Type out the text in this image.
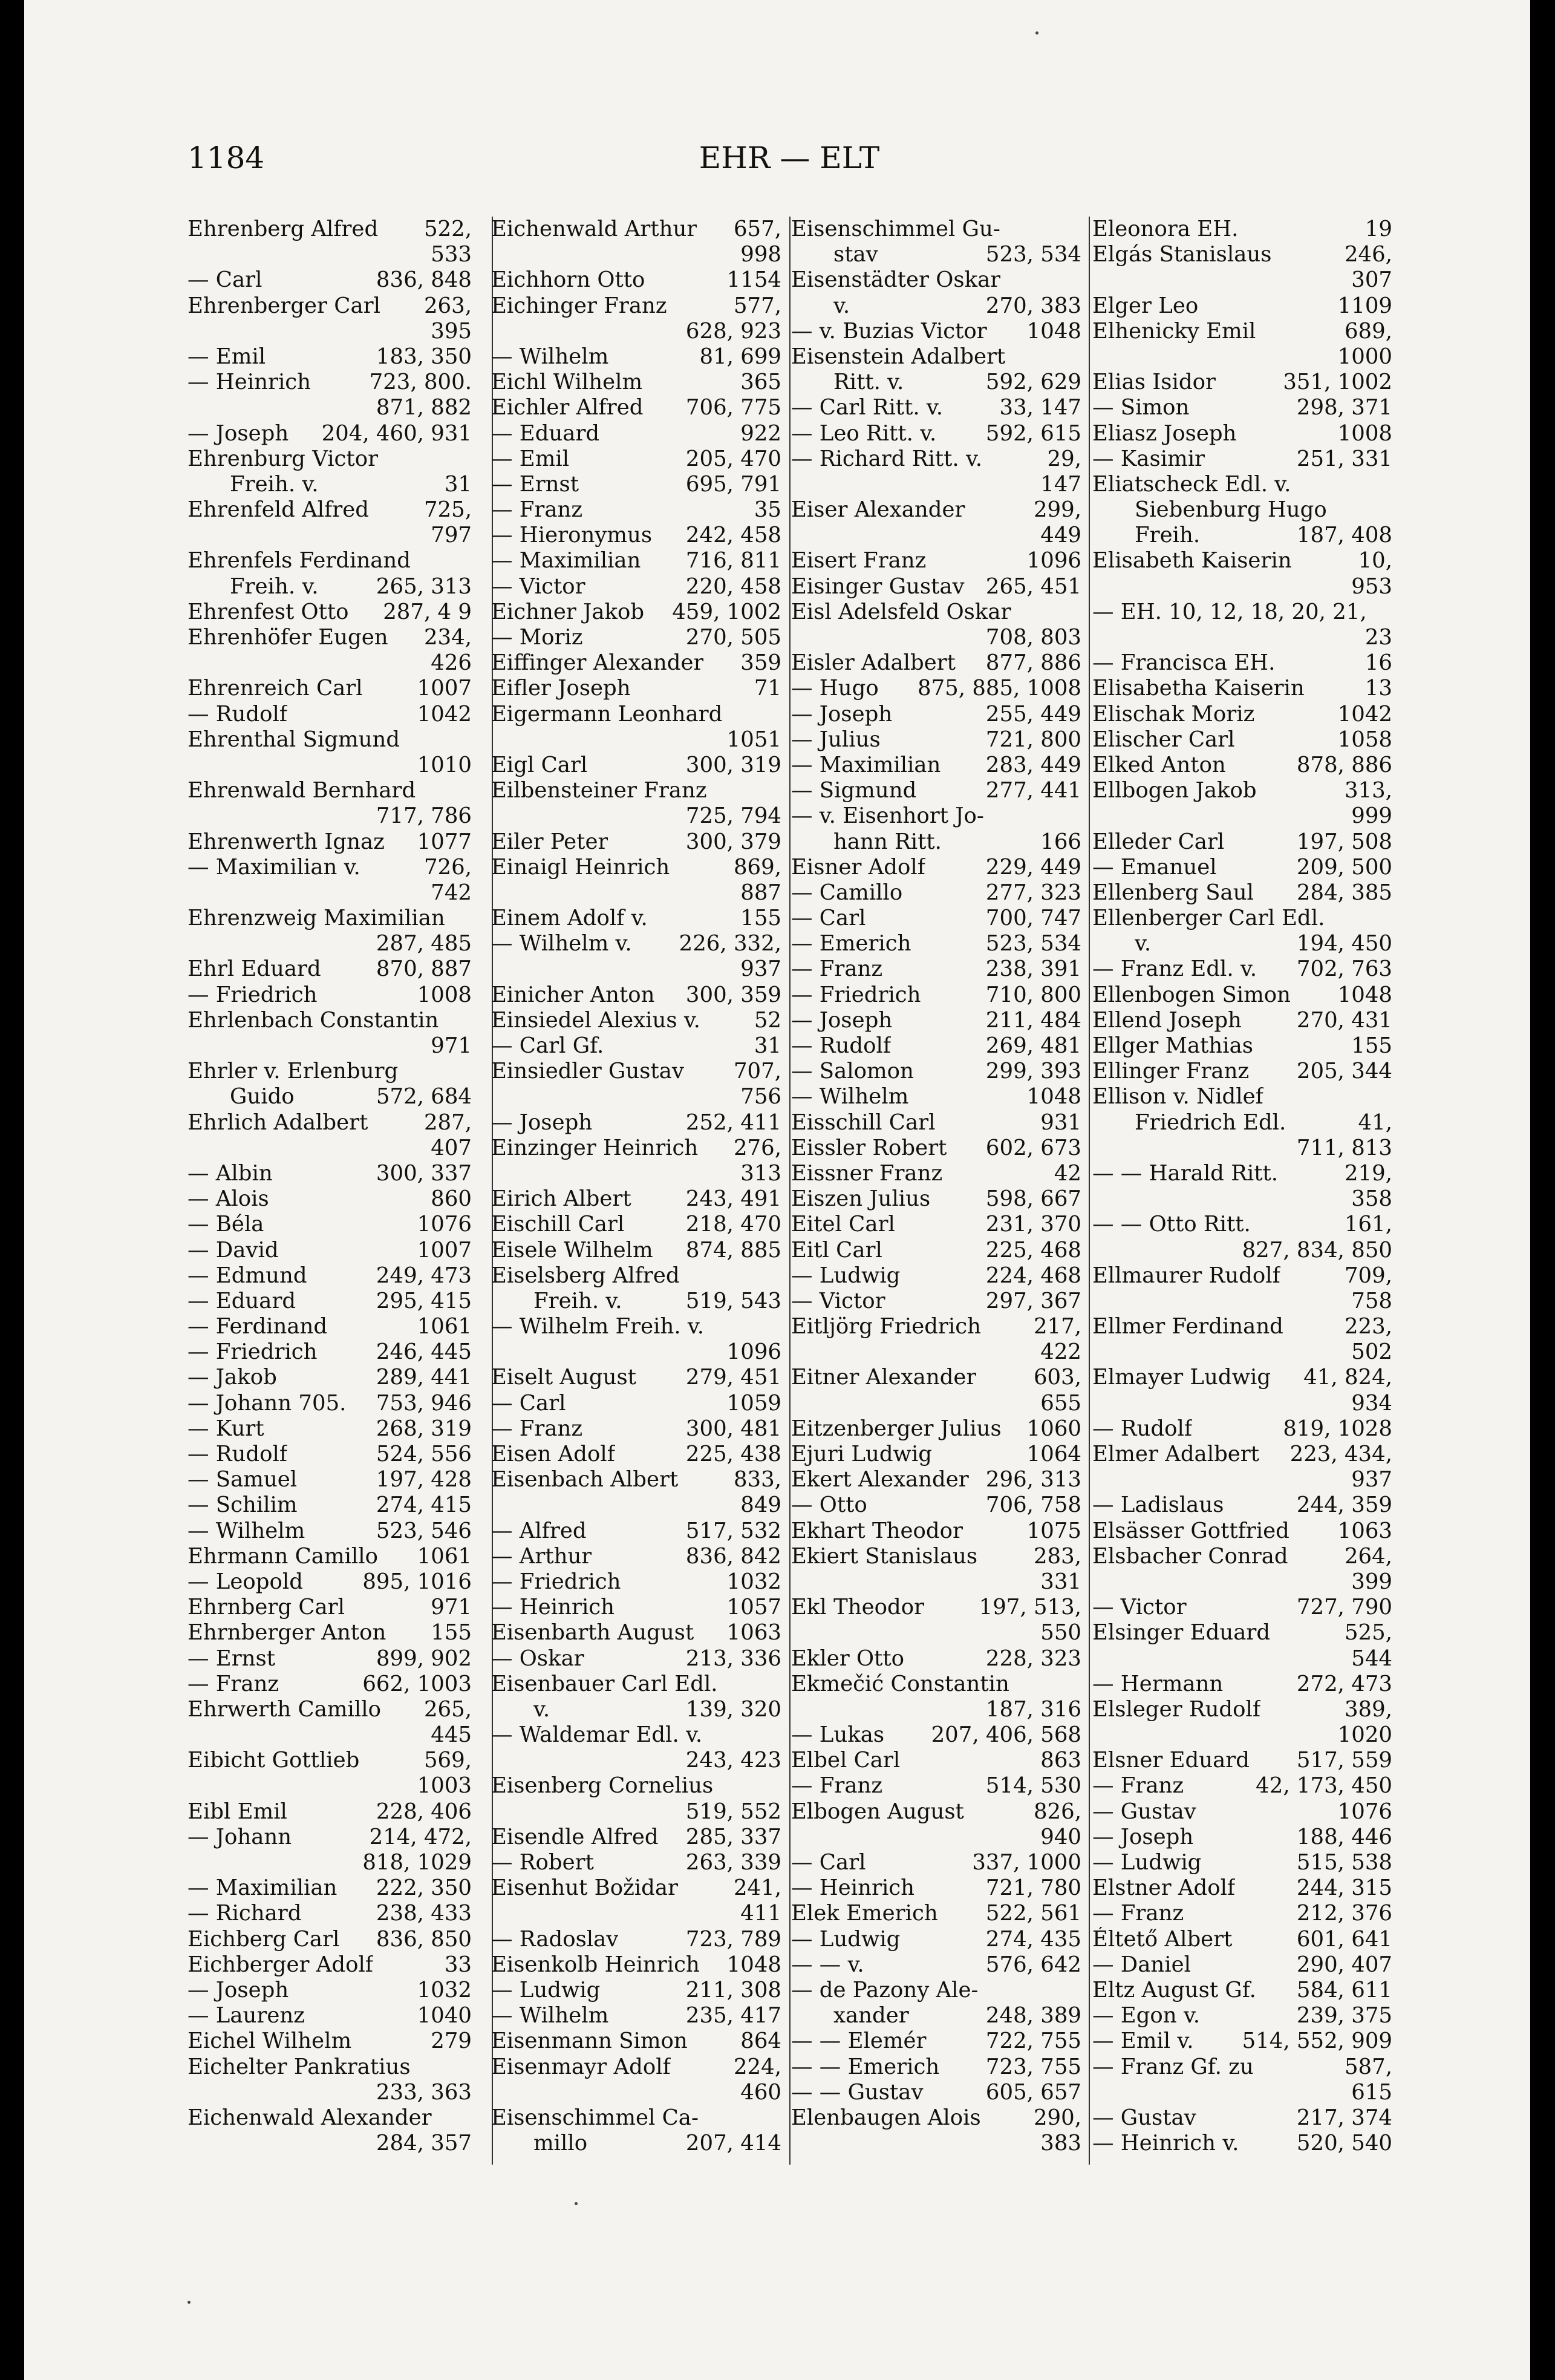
1184	EHR — ELT
Ehrenberg Alfred	522,
533
— Carl	836, 848
Ehrenberger Carl	263,
395
— Emil	183, 350
— Heinrich	723, 800.
871, 882
— Joseph	204, 460, 931
Ehrenburg Victor
Freih. v.	31
Ehrenfeld Alfred	725,
797
Ehrenfels Ferdinand
Freih. v.	265, 313
Ehrenfest Otto	287, 4 9
Ehrenhöfer Eugen	234,
426
Ehrenreich Carl	1007
— Rudolf	1042
Ehrenthal Sigmund
1010
Ehrenwald Bernhard
717, 786
Ehrenwerth Ignaz	1077
— Maximilian v.	726,
742
Ehrenzweig Maximilian
287, 485
Ehrl Eduard	870, 887
— Friedrich	1008
Ehrlenbach Constantin
971
Ehrler v. Erlenburg
Guido	572, 684
Ehrlich Adalbert	287,
407
— Albin	300, 337
— Alois	860
— Béla	1076
— David	1007
— Edmund	249, 473
— Eduard	295, 415
— Ferdinand	1061
— Friedrich	246, 445
— Jakob	289, 441
— Johann 705.	753, 946
— Kurt	268, 319
— Rudolf	524, 556
— Samuel	197, 428
— Schilim	274, 415
— Wilhelm	523, 546
Ehrmann Camillo	1061
— Leopold	895, 1016
Ehrnberg Carl	971
Ehrnberger Anton	155
— Ernst	899, 902
— Franz	662, 1003
Ehrwerth Camillo	265,
445
Eibicht Gottlieb	569,
1003
Eibl Emil	228, 406
— Johann	214, 472,
818, 1029
— Maximilian	222, 350
— Richard	238, 433
Eichberg Carl	836, 850
Eichberger Adolf	33
— Joseph	1032
— Laurenz	1040
Eichel Wilhelm	279
Eichelter Pankratius
233, 363
Eichenwald Alexander
284, 357
Eichenwald Arthur	657,
998
Eichhorn Otto	1154
Eichinger Franz	577,
628, 923
— Wilhelm	81, 699
Eichl Wilhelm	365
Eichler Alfred	706, 775
— Eduard	922
— Emil	205, 470
— Ernst	695, 791
— Franz	35
— Hieronymus	242, 458
— Maximilian	716, 811
— Victor	220, 458
Eichner Jakob	459, 1002
— Moriz	270, 505
Eiffinger Alexander	359
Eifler Joseph	71
Eigermann Leonhard
1051
Eigl Carl	300, 319
Eilbensteiner Franz
725, 794
Eiler Peter	300, 379
Einaigl Heinrich	869,
887
Einem Adolf v.	155
— Wilhelm v.	226, 332,
937
Einicher Anton	300, 359
Einsiedel Alexius v.	52
— Carl Gf.	31
Einsiedler Gustav	707,
756
— Joseph	252, 411
Einzinger Heinrich	276,
313
Eirich Albert	243, 491
Eischill Carl	218, 470
Eisele Wilhelm	874, 885
Eiselsberg Alfred
Freih. v.	519, 543
— Wilhelm Freih. v.
1096
Eiselt August	279, 451
— Carl	1059
— Franz	300, 481
Eisen Adolf	225, 438
Eisenbach Albert	833,
849
— Alfred	517, 532
— Arthur	836, 842
— Friedrich	1032
— Heinrich	1057
Eisenbarth August	1063
— Oskar	213, 336
Eisenbauer Carl Edl.
v.	139, 320
— Waldemar Edl. v.
243, 423
Eisenberg Cornelius
519, 552
Eisendle Alfred	285, 337
— Robert	263, 339
Eisenhut Božidar	241,
411
— Radoslav	723, 789
Eisenkolb Heinrich	1048
— Ludwig	211, 308
— Wilhelm	235, 417
Eisenmann Simon	864
Eisenmayr Adolf	224,
460
Eisenschimmel Ca-
millo	207, 414
Eisenschimmel Gu-
stav	523, 534
Eisenstädter Oskar
v.	270, 383
— v. Buzias Victor	1048
Eisenstein Adalbert
Ritt. v.	592, 629
— Carl Ritt. v.	33, 147
— Leo Ritt. v.	592, 615
— Richard Ritt. v.	29,
147
Eiser Alexander	299,
449
Eisert Franz	1096
Eisinger Gustav 265, 451
Eisl Adelsfeld Oskar
708, 803
Eisler Adalbert	877, 886
— Hugo	875, 885, 1008
— Joseph	255, 449
— Julius	721, 800
— Maximilian	283, 449
— Sigmund	277, 441
— v. Eisenhort Jo-
hann Ritt.	166
Eisner Adolf	229, 449
— Camillo	277, 323
— Carl	700, 747
— Emerich	523, 534
— Franz	238, 391
— Friedrich	710, 800
— Joseph	211, 484
— Rudolf	269, 481
— Salomon	299, 393
— Wilhelm	1048
Eisschill Carl	931
Eissler Robert	602, 673
Eissner Franz	42
Eiszen Julius	598, 667
Eitel Carl	231, 370
Eitl Carl	225, 468
— Ludwig	224, 468
— Victor	297, 367
Eitljörg Friedrich	217,
422
Eitner Alexander	603,
655
Eitzenberger Julius	1060
Ejuri Ludwig	1064
Ekert Alexander 296, 313
— Otto	706, 758
Ekhart Theodor	1075
Ekiert Stanislaus	283,
331
Ekl Theodor	197, 513,
550
Ekler Otto	228, 323
Ekmečić Constantin
187, 316
— Lukas	207, 406, 568
Elbel Carl	863
— Franz	514, 530
Elbogen August	826,
940
— Carl	337, 1000
— Heinrich	721, 780
Elek Emerich	522, 561
— Ludwig	274, 435
— — v.	576, 642
— de Pazony Ale-
xander	248, 389
— — Elemér	722, 755
— — Emerich	723, 755
— — Gustav	605, 657
Elenbaugen Alois	290,
383
Eleonora EH.	19
Elgás Stanislaus	246,
307
Elger Leo	1109
Elhenicky Emil	689,
1000
Elias Isidor	351, 1002
— Simon	298, 371
Eliasz Joseph	1008
— Kasimir	251, 331
Eliatscheck Edl. v.
Siebenburg Hugo
Freih.	187, 408
Elisabeth Kaiserin	10,
953
— EH. 10, 12, 18, 20, 21,
23
— Francisca EH.	16
Elisabetha Kaiserin	13
Elischak Moriz	1042
Elischer Carl	1058
Elked Anton	878, 886
Ellbogen Jakob	313,
999
Elleder Carl	197, 508
— Emanuel	209, 500
Ellenberg Saul	284, 385
Ellenberger Carl Edl.
v.	194, 450
— Franz Edl. v.	702, 763
Ellenbogen Simon	1048
Ellend Joseph	270, 431
Ellger Mathias	155
Ellinger Franz	205, 344
Ellison v. Nidlef
Friedrich Edl.	41,
711, 813
— — Harald Ritt.	219,
358
— — Otto Ritt.	161,
827, 834, 850
Ellmaurer Rudolf	709,
758
Ellmer Ferdinand	223,
502
Elmayer Ludwig	41, 824,
934
— Rudolf	819, 1028
Elmer Adalbert	223, 434,
937
— Ladislaus	244, 359
Elsässer Gottfried	1063
Elsbacher Conrad	264,
399
— Victor	727, 790
Elsinger Eduard	525,
544
— Hermann	272, 473
Elsleger Rudolf	389,
1020
Elsner Eduard	517, 559
— Franz	42, 173, 450
— Gustav	1076
— Joseph	188, 446
— Ludwig	515, 538
Elstner Adolf	244, 315
— Franz	212, 376
Éltető Albert	601, 641
— Daniel	290, 407
Eltz August Gf.	584, 611
— Egon v.	239, 375
— Emil v.	514, 552, 909
— Franz Gf. zu	587,
615
— Gustav	217, 374
— Heinrich v.	520, 540
